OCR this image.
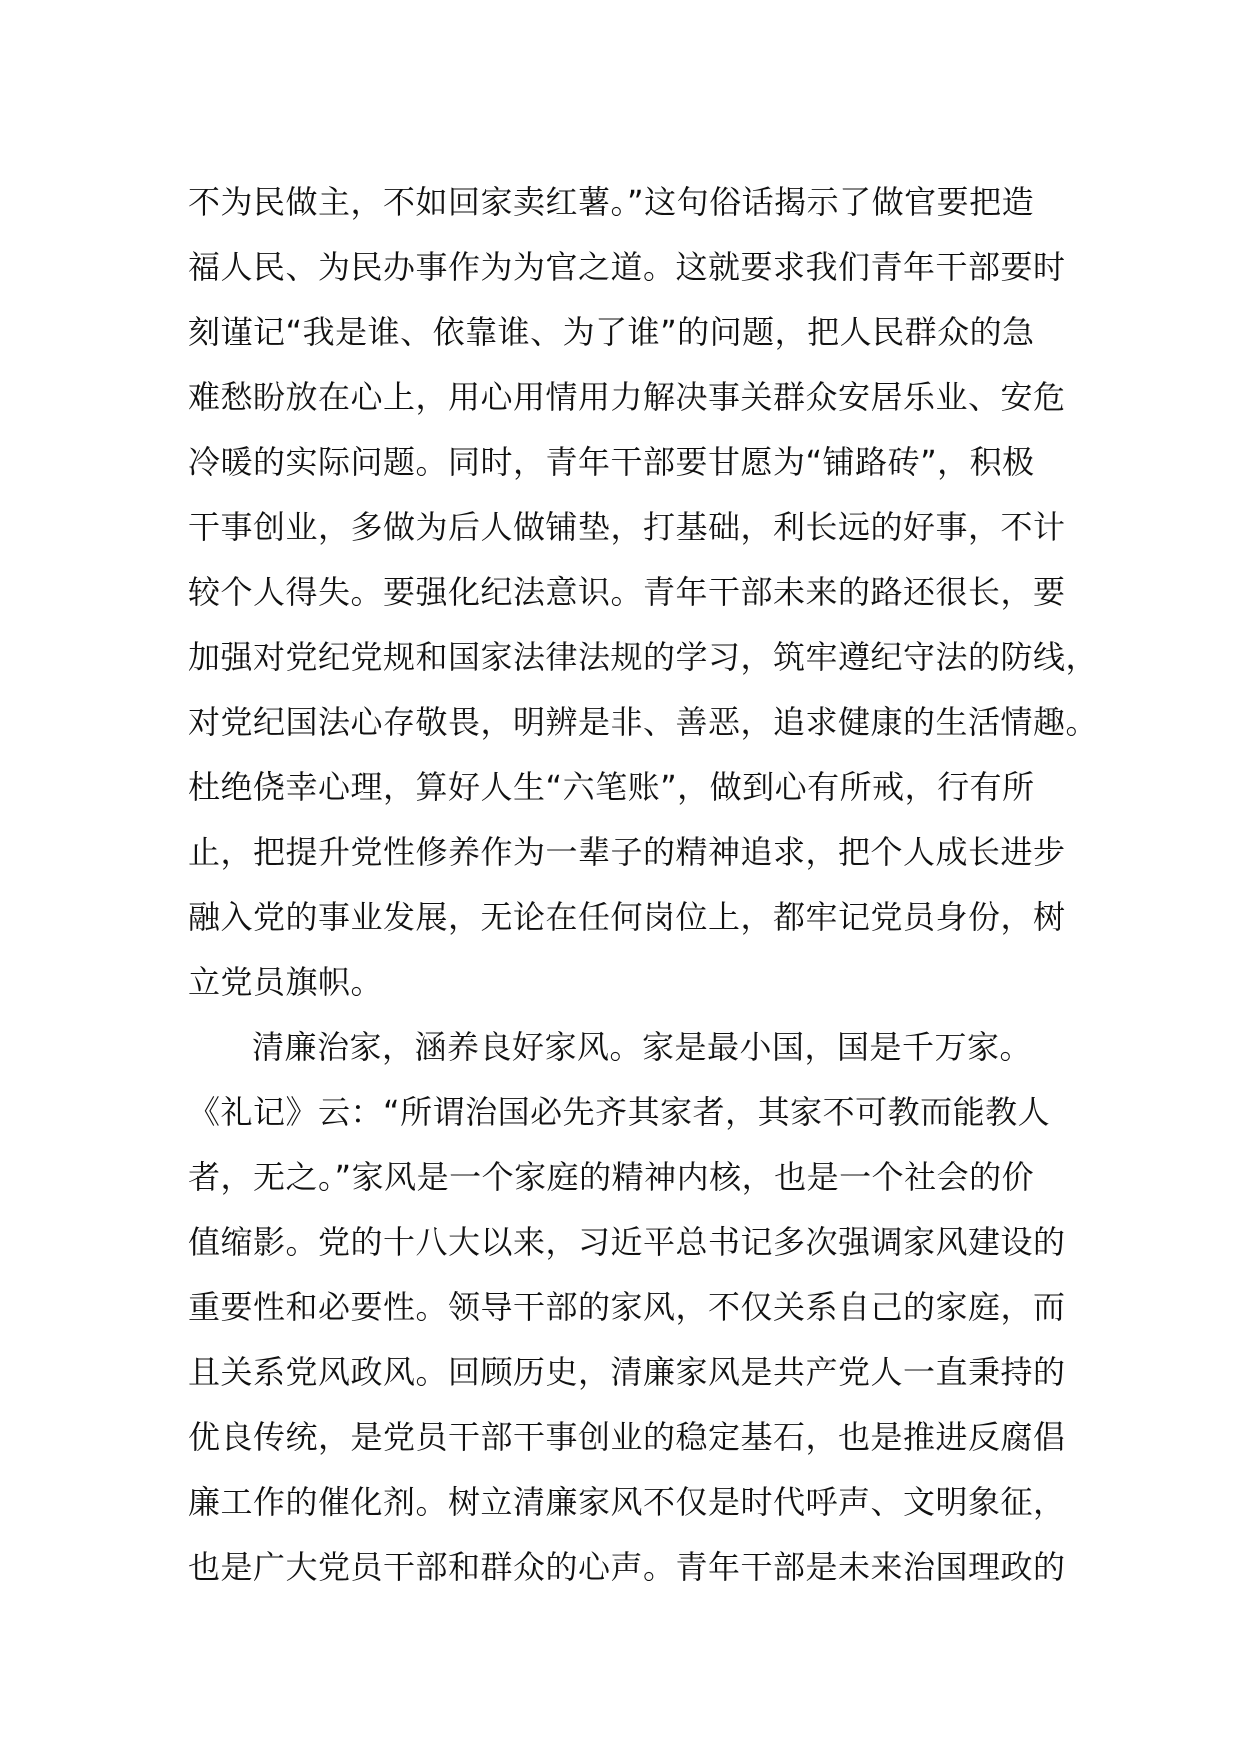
不为民做主，不如回家卖红薯。”这句俗话揭示了做官要把造
福人民、为民办事作为为官之道。这就要求我们青年干部要时
刻谨记“我是谁、依靠谁、为了谁”的问题，把人民群众的急
难愁盼放在心上，用心用情用力解决事关群众安居乐业、安危
冷暖的实际问题。同时，青年干部要甘愿为“铺路砖”，积极
干事创业，多做为后人做铺垫，打基础，利长远的好事，不计
较个人得失。要强化纪法意识。青年干部未来的路还很长，要
加强对党纪党规和国家法律法规的学习，筑牢遵纪守法的防线，
对党纪国法心存敬畏，明辨是非、善恶，追求健康的生活情趣。
杜绝侥幸心理，算好人生“六笔账”，做到心有所戒，行有所
止，把提升党性修养作为一辈子的精神追求，把个人成长进步
融入党的事业发展，无论在任何岗位上，都牢记党员身份，树
立党员旗帜。
清廉治家，涵养良好家风。家是最小国，国是千万家。
《礼记》云：“所谓治国必先齐其家者，其家不可教而能教人
者，无之。”家风是一个家庭的精神内核，也是一个社会的价
值缩影。党的十八大以来，习近平总书记多次强调家风建设的
重要性和必要性。领导干部的家风，不仅关系自己的家庭，而
且关系党风政风。回顾历史，清廉家风是共产党人一直秉持的
优良传统，是党员干部干事创业的稳定基石，也是推进反腐倡
廉工作的催化剂。树立清廉家风不仅是时代呼声、文明象征，
也是广大党员干部和群众的心声。青年干部是未来治国理政的
